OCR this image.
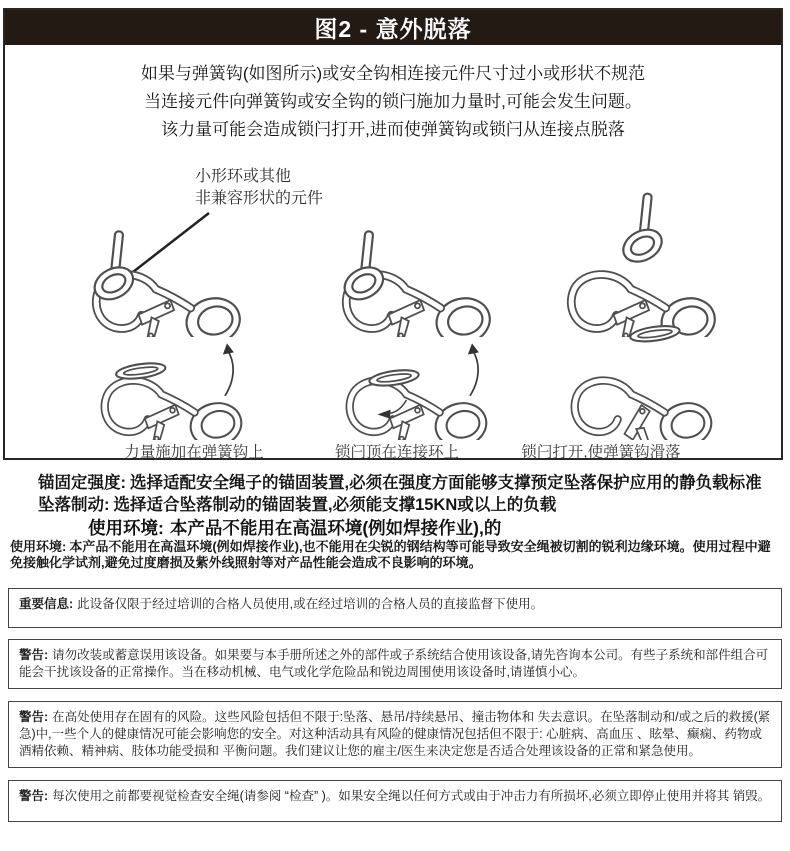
图2 - 意外脱落
如果与弹簧钩(如图所示)或安全钩相连接元件尺寸过小或形状不规范
当连接元件向弹簧钩或安全钩的锁闩施加力量时,可能会发生问题。
该力量可能会造成锁闩打开,进而使弹簧钩或锁闩从连接点脱落
小形环或其他
非兼容形状的元件
力量施加在弹簧钩上	锁闩顶在连接环上	锁闩打开,使弹簧钩滑落
锚固定强度: 选择适配安全绳子的锚固装置,必须在强度方面能够支撑预定坠落保护应用的静负载标准
坠落制动: 选择适合坠落制动的锚固装置,必须能支撑15KN或以上的负载
使用环境: 本产品不能用在高温环境(例如焊接作业),的
使用环境: 本产品不能用在高温环境(例如焊接作业),也不能用在尖锐的钢结构等可能导致安全绳被切割的锐利边缘环境。使用过程中避免接触化学试剂,避免过度磨损及紫外线照射等对产品性能会造成不良影响的环境。
重要信息: 此设备仅限于经过培训的合格人员使用,或在经过培训的合格人员的直接监督下使用。
警告: 请勿改装或蓄意误用该设备。如果要与本手册所述之外的部件或子系统结合使用该设备,请先咨询本公司。有些子系统和部件组合可能会干扰该设备的正常操作。当在移动机械、电气或化学危险品和锐边周围使用该设备时,请谨慎小心。
警告: 在高处使用存在固有的风险。这些风险包括但不限于:坠落、悬吊/持续悬吊、撞击物体和 失去意识。在坠落制动和/或之后的救援(紧急)中,一些个人的健康情况可能会影响您的安全。对这种活动具有风险的健康情况包括但不限于: 心脏病、高血压 、眩晕、癫痫、药物或酒精依赖、精神病、肢体功能受损和 平衡问题。我们建议让您的雇主/医生来决定您是否适合处理该设备的正常和紧急使用。
警告: 每次使用之前都要视觉检查安全绳(请参阅 “检查” )。如果安全绳以任何方式或由于冲击力有所损坏,必须立即停止使用并将其 销毁。
